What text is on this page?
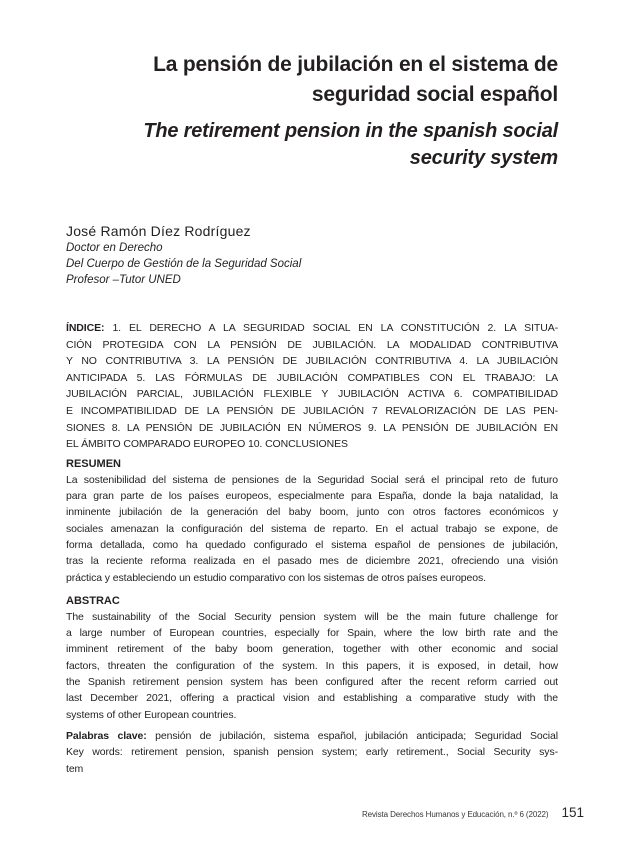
La pensión de jubilación en el sistema de
seguridad social español
The retirement pension in the spanish social
security system
José Ramón Díez Rodríguez
Doctor en Derecho
Del Cuerpo de Gestión de la Seguridad Social
Profesor –Tutor UNED
ÍNDICE: 1. EL DERECHO A LA SEGURIDAD SOCIAL EN LA CONSTITUCIÓN 2. LA SITUA-
CIÓN PROTEGIDA CON LA PENSIÓN DE JUBILACIÓN. LA MODALIDAD CONTRIBUTIVA
Y NO CONTRIBUTIVA 3. LA PENSIÓN DE JUBILACIÓN CONTRIBUTIVA 4. LA JUBILACIÓN
ANTICIPADA 5. LAS FÓRMULAS DE JUBILACIÓN COMPATIBLES CON EL TRABAJO: LA
JUBILACIÓN PARCIAL, JUBILACIÓN FLEXIBLE Y JUBILACIÓN ACTIVA 6. COMPATIBILIDAD
E INCOMPATIBILIDAD DE LA PENSIÓN DE JUBILACIÓN 7 REVALORIZACIÓN DE LAS PEN-
SIONES 8. LA PENSIÓN DE JUBILACIÓN EN NÚMEROS 9. LA PENSIÓN DE JUBILACIÓN EN
EL ÁMBITO COMPARADO EUROPEO 10. CONCLUSIONES
RESUMEN
La sostenibilidad del sistema de pensiones de la Seguridad Social será el principal reto de futuro
para gran parte de los países europeos, especialmente para España, donde la baja natalidad, la
inminente jubilación de la generación del baby boom, junto con otros factores económicos y
sociales amenazan la configuración del sistema de reparto. En el actual trabajo se expone, de
forma detallada, como ha quedado configurado el sistema español de pensiones de jubilación,
tras la reciente reforma realizada en el pasado mes de diciembre 2021, ofreciendo una visión
práctica y estableciendo un estudio comparativo con los sistemas de otros países europeos.
ABSTRAC
The sustainability of the Social Security pension system will be the main future challenge for
a large number of European countries, especially for Spain, where the low birth rate and the
imminent retirement of the baby boom generation, together with other economic and social
factors, threaten the configuration of the system. In this papers, it is exposed, in detail, how
the Spanish retirement pension system has been configured after the recent reform carried out
last December 2021, offering a practical vision and establishing a comparative study with the
systems of other European countries.
Palabras clave: pensión de jubilación, sistema español, jubilación anticipada; Seguridad Social
Key words: retirement pension, spanish pension system; early retirement., Social Security sys-
tem
Revista Derechos Humanos y Educación, n.º 6 (2022) 151
